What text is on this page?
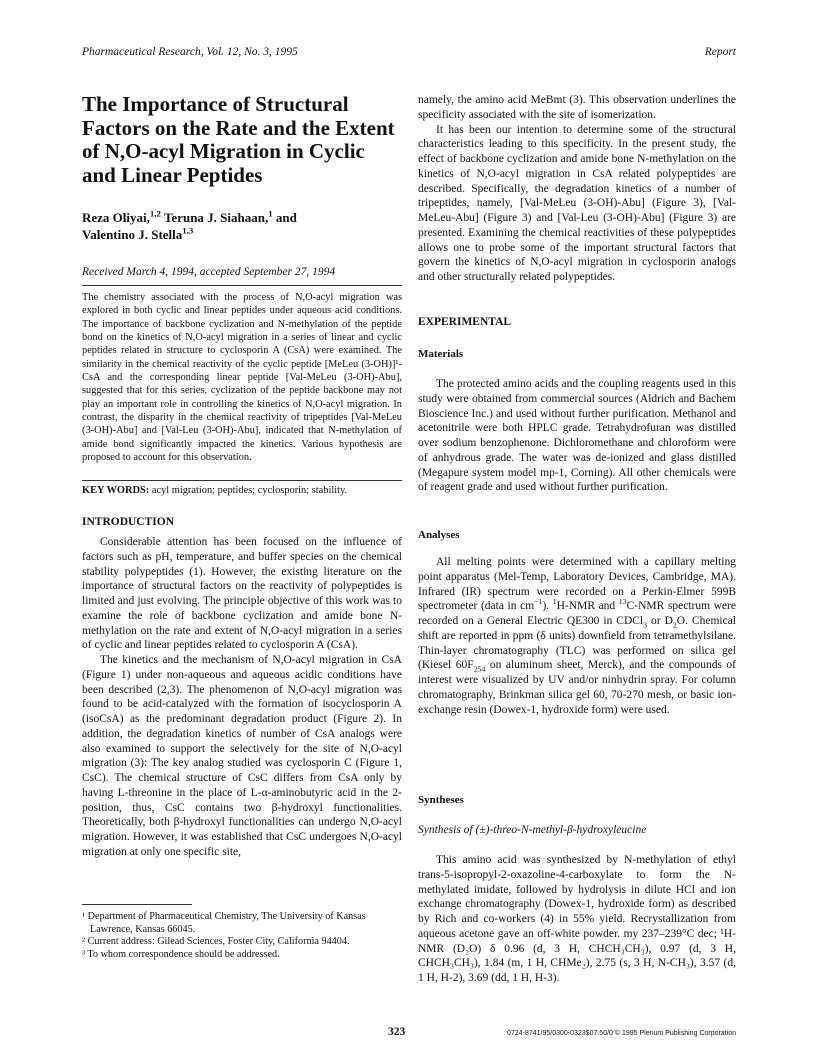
Pharmaceutical Research, Vol. 12, No. 3, 1995	Report
The Importance of Structural Factors on the Rate and the Extent of N,O-acyl Migration in Cyclic and Linear Peptides
Reza Oliyai,$^{1,2}$ Teruna J. Siahaan,$^1$ and
Valentino J. Stella$^{1,3}$
Received March 4, 1994, accepted September 27, 1994
The chemistry associated with the process of N,O-acyl migration was explored in both cyclic and linear peptides under aqueous acid conditions. The importance of backbone cyclization and N-methylation of the peptide bond on the kinetics of N,O-acyl migration in a series of linear and cyclic peptides related in structure to cyclosporin A (CsA) were examined. The similarity in the chemical reactivity of the cyclic peptide [MeLeu (3-OH)]¹-CsA and the corresponding linear peptide [Val-MeLeu (3-OH)-Abu], suggested that for this series, cyclization of the peptide backbone may not play an important role in controlling the kinetics of N,O-acyl migration. In contrast, the disparity in the chemical reactivity of tripeptides [Val-MeLeu (3-OH)-Abu] and [Val-Leu (3-OH)-Abu], indicated that N-methylation of amide bond significantly impacted the kinetics. Various hypothesis are proposed to account for this observation.
KEY WORDS: acyl migration; peptides; cyclosporin; stability.
INTRODUCTION

Considerable attention has been focused on the influence of factors such as pH, temperature, and buffer species on the chemical stability polypeptides (1). However, the existing literature on the importance of structural factors on the reactivity of polypeptides is limited and just evolving. The principle objective of this work was to examine the role of backbone cyclization and amide bone N-methylation on the rate and extent of N,O-acyl migration in a series of cyclic and linear peptides related to cyclosporin A (CsA).

The kinetics and the mechanism of N,O-acyl migration in CsA (Figure 1) under non-aqueous and aqueous acidic conditions have been described (2,3). The phenomenon of N,O-acyl migration was found to be acid-catalyzed with the formation of isocyclosporin A (isoCsA) as the predominant degradation product (Figure 2). In addition, the degradation kinetics of number of CsA analogs were also examined to support the selectively for the site of N,O-acyl migration (3): The key analog studied was cyclosporin C (Figure 1, CsC). The chemical structure of CsC differs from CsA only by having L-threonine in the place of L-α-aminobutyric acid in the 2-position, thus, CsC contains two β-hydroxyl functionalities. Theoretically, both β-hydroxyl functionalities can undergo N,O-acyl migration. However, it was established that CsC undergoes N,O-acyl migration at only one specific site,

¹ Department of Pharmaceutical Chemistry, The University of Kansas Lawrence, Kansas 66045.
² Current address: Gilead Sciences, Foster City, California 94404.
³ To whom correspondence should be addressed.

namely, the amino acid MeBmt (3). This observation underlines the specificity associated with the site of isomerization.

It has been our intention to determine some of the structural characteristics leading to this specificity. In the present study, the effect of backbone cyclization and amide bone N-methylation on the kinetics of N,O-acyl migration in CsA related polypeptides are described. Specifically, the degradation kinetics of a number of tripeptides, namely, [Val-MeLeu (3-OH)-Abu] (Figure 3), [Val-MeLeu-Abu] (Figure 3) and [Val-Leu (3-OH)-Abu] (Figure 3) are presented. Examining the chemical reactivities of these polypeptides allows one to probe some of the important structural factors that govern the kinetics of N,O-acyl migration in cyclosporin analogs and other structurally related polypeptides.

EXPERIMENTAL
Materials

The protected amino acids and the coupling reagents used in this study were obtained from commercial sources (Aldrich and Bachem Bioscience Inc.) and used without further purification. Methanol and acetonitrile were both HPLC grade. Tetrahydrofuran was distilled over sodium benzophenone. Dichloromethane and chloroform were of anhydrous grade. The water was de-ionized and glass distilled (Megapure system model mp-1, Corning). All other chemicals were of reagent grade and used without further purification.

Analyses

All melting points were determined with a capillary melting point apparatus (Mel-Temp, Laboratory Devices, Cambridge, MA). Infrared (IR) spectrum were recorded on a Perkin-Elmer 599B spectrometer (data in $cm^{-1}$). $^1$H-NMR and $^{13}$C-NMR spectrum were recorded on a General Electric QE300 in CDCl$_3$ or $D_2O$. Chemical shift are reported in ppm (δ units) downfield from tetramethylsilane. Thin-layer chromatography (TLC) was performed on silica gel (Kiesel $60F_{254}$ on aluminum sheet, Merck), and the compounds of interest were visualized by UV and/or ninhydrin spray. For column chromatography, Brinkman silica gel 60, 70-270 mesh, or basic ion-exchange resin (Dowex-1, hydroxide form) were used.

Syntheses
Synthesis of (±)-threo-N-methyl-β-hydroxyleucine

This amino acid was synthesized by N-methylation of ethyl trans-5-isopropyl-2-oxazoline-4-carboxylate to form the N-methylated imidate, followed by hydrolysis in dilute HCl and ion exchange chromatography (Dowex-1, hydroxide form) as described by Rich and co-workers (4) in 55% yield. Recrystallization from aqueous acetone gave an off-white powder. my 237–239°C dec; ¹H-NMR (D₂O) δ 0.96 (d, 3 H, CHCH₃CH₃), 0.97 (d, 3 H, CHCH₃CH₃), 1.84 (m, 1 H, CHMe₂), 2.75 (s, 3 H, N-CH₃), 3.57 (d, 1 H, H-2), 3.69 (dd, 1 H, H-3).

323	0724-8741/95/0300-0323$07.50/0 © 1995 Plenum Publishing Corporation
